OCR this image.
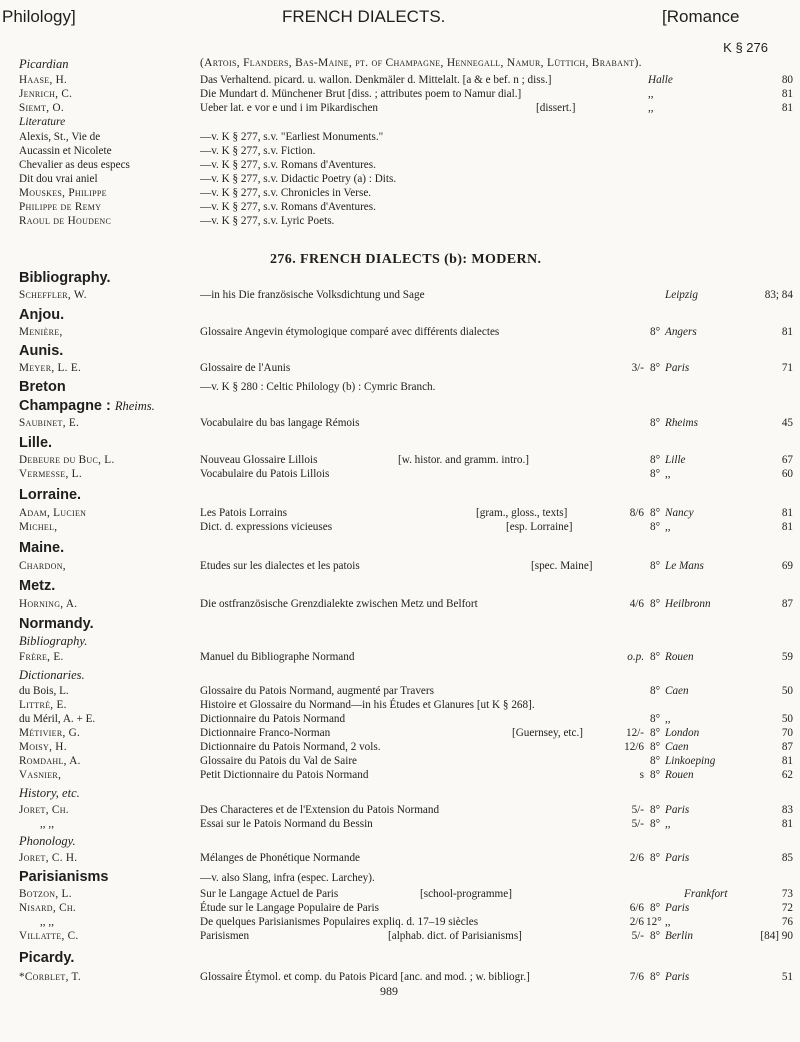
Philology]	FRENCH DIALECTS.	[Romance
K § 276
Picardian	(Artois, Flanders, Bas-Maine, pt. of Champagne, Hennegall, Namur, Lüttich, Brabant).
Haase, H.	Das Verhaltend. picard. u. wallon. Denkmäler d. Mittelalt. [a & e bef. n ; diss.]	Halle	80
Jenrich, C.	Die Mundart d. Münchener Brut [diss. ; attributes poem to Namur dial.]	,,	81
Siemt, O.	Ueber lat. e vor e und i im Pikardischen	[dissert.]	,,	81
Literature
Alexis, St., Vie de	—v. K § 277, s.v. "Earliest Monuments."
Aucassin et Nicolete	—v. K § 277, s.v. Fiction.
Chevalier as deus especs	—v. K § 277, s.v. Romans d'Aventures.
Dit dou vrai aniel	—v. K § 277, s.v. Didactic Poetry (a) : Dits.
Mouskes, Philippe	—v. K § 277, s.v. Chronicles in Verse.
Philippe de Remy	—v. K § 277, s.v. Romans d'Aventures.
Raoul de Houdenc	—v. K § 277, s.v. Lyric Poets.
276. FRENCH DIALECTS (b): MODERN.
Bibliography.
Scheffler, W.	—in his Die französische Volksdichtung und Sage	Leipzig	83; 84
Anjou.
Menière,	Glossaire Angevin étymologique comparé avec différents dialectes	8° Angers	81
Aunis.
Meyer, L. E.	Glossaire de l'Aunis	3/- 8° Paris	71
Breton	—v. K § 280 : Celtic Philology (b) : Cymric Branch.
Champagne : Rheims.
Saubinet, E.	Vocabulaire du bas langage Rémois	8° Rheims	45
Lille.
Debeure du Buc, L.	Nouveau Glossaire Lillois	[w. histor. and gramm. intro.]	8° Lille	67
Vermesse, L.	Vocabulaire du Patois Lillois	8° ,,	60
Lorraine.
Adam, Lucien	Les Patois Lorrains	[gram., gloss., texts]	8/6 8° Nancy	81
Michel,	Dict. d. expressions vicieuses	[esp. Lorraine]	8° ,,	81
Maine.
Chardon,	Etudes sur les dialectes et les patois	[spec. Maine]	8° Le Mans	69
Metz.
Horning, A.	Die ostfranzösische Grenzdialekte zwischen Metz und Belfort	4/6 8° Heilbronn	87
Normandy.
Bibliography.
Frère, E.	Manuel du Bibliographe Normand	o.p. 8° Rouen	59
Dictionaries.
du Bois, L.	Glossaire du Patois Normand, augmenté par Travers	8° Caen	50
Littré, E.	Histoire et Glossaire du Normand—in his Études et Glanures [ut K § 268].
du Méril, A. + E.	Dictionnaire du Patois Normand	8° ,,	50
Métivier, G.	Dictionnaire Franco-Norman	[Guernsey, etc.]	12/- 8° London	70
Moisy, H.	Dictionnaire du Patois Normand, 2 vols.	12/6 8° Caen	87
Romdahl, A.	Glossaire du Patois du Val de Saire	8° Linkoeping	81
Vasnier,	Petit Dictionnaire du Patois Normand	s 8° Rouen	62
History, etc.
Joret, Ch.	Des Characteres et de l'Extension du Patois Normand	5/- 8° Paris	83
,, ,,	Essai sur le Patois Normand du Bessin	5/- 8° ,,	81
Phonology.
Joret, C. H.	Mélanges de Phonétique Normande	2/6 8° Paris	85
Parisianisms	—v. also Slang, infra (espec. Larchey).
Botzon, L.	Sur le Langage Actuel de Paris	[school-programme]	Frankfort	73
Nisard, Ch.	Étude sur le Langage Populaire de Paris	6/6 8° Paris	72
,, ,,	De quelques Parisianismes Populaires expliq. d. 17–19 siècles	2/6 12° ,,	76
Villatte, C.	Parisismen	[alphab. dict. of Parisianisms]	5/- 8° Berlin	[84] 90
Picardy.
*Corblet, T.	Glossaire Étymol. et comp. du Patois Picard [anc. and mod. ; w. bibliogr.]	7/6 8° Paris	51
989
